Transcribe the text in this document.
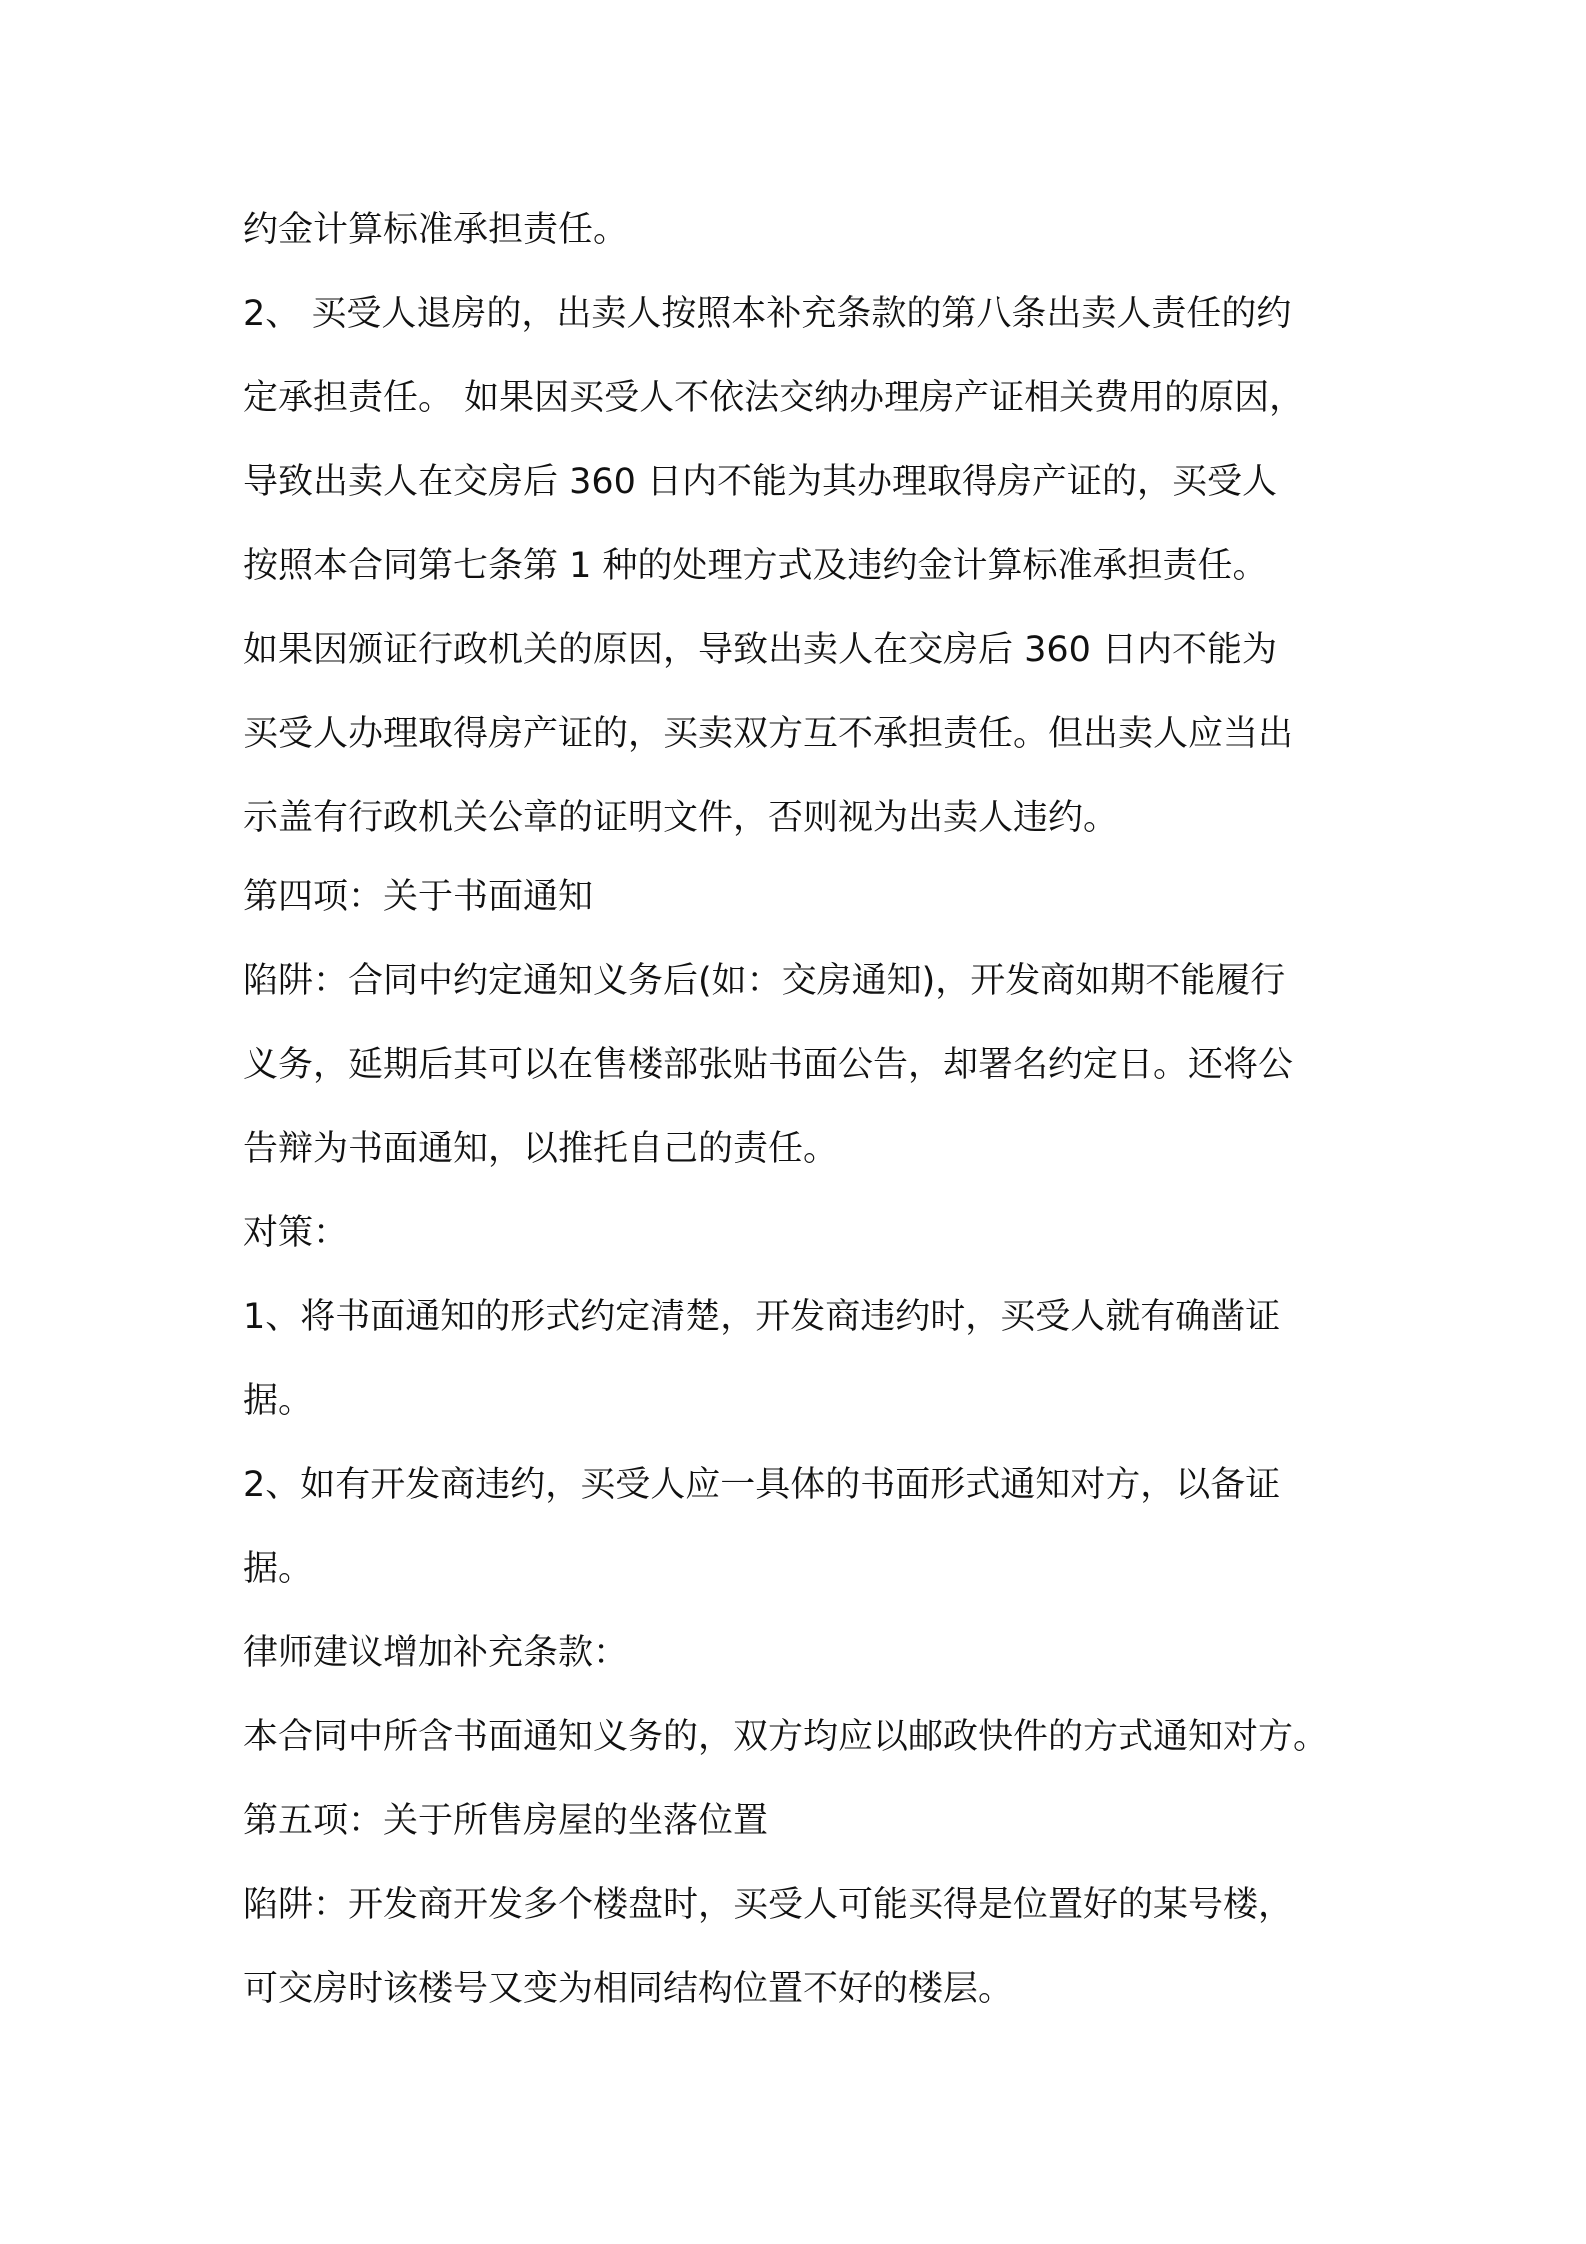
约金计算标准承担责任。

2、 买受人退房的，出卖人按照本补充条款的第八条出卖人责任的约

定承担责任。 如果因买受人不依法交纳办理房产证相关费用的原因，

导致出卖人在交房后 360 日内不能为其办理取得房产证的，买受人

按照本合同第七条第 1 种的处理方式及违约金计算标准承担责任。

如果因颁证行政机关的原因，导致出卖人在交房后 360 日内不能为

买受人办理取得房产证的，买卖双方互不承担责任。但出卖人应当出

示盖有行政机关公章的证明文件，否则视为出卖人违约。

第四项：关于书面通知

陷阱：合同中约定通知义务后(如：交房通知)，开发商如期不能履行

义务，延期后其可以在售楼部张贴书面公告，却署名约定日。还将公

告辩为书面通知，以推托自己的责任。

对策：

1、将书面通知的形式约定清楚，开发商违约时，买受人就有确凿证

据。

2、如有开发商违约，买受人应一具体的书面形式通知对方，以备证

据。

律师建议增加补充条款：

本合同中所含书面通知义务的，双方均应以邮政快件的方式通知对方。

第五项：关于所售房屋的坐落位置

陷阱：开发商开发多个楼盘时，买受人可能买得是位置好的某号楼，

可交房时该楼号又变为相同结构位置不好的楼层。
